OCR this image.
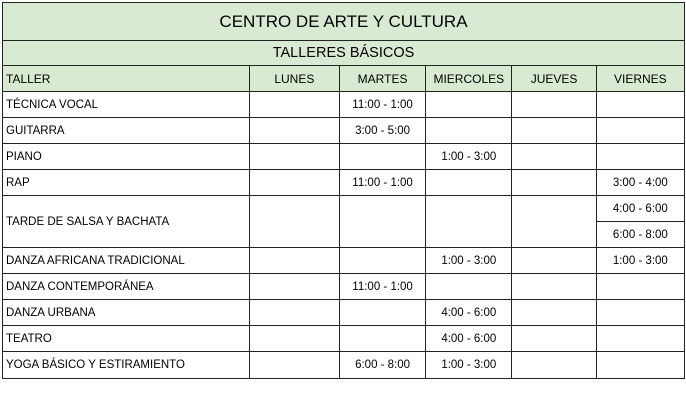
CENTRO DE ARTE Y CULTURA					
TALLERES BÁSICOS					
TALLER	LUNES	MARTES	MIERCOLES	JUEVES	VIERNES
TÉCNICA VOCAL		11:00 - 1:00			
GUITARRA		3:00 - 5:00			
PIANO			1:00 - 3:00		
RAP		11:00 - 1:00			3:00 - 4:00
TARDE DE SALSA Y BACHATA					4:00 - 6:00
					6:00 - 8:00
DANZA AFRICANA TRADICIONAL			1:00 - 3:00		1:00 - 3:00
DANZA CONTEMPORÁNEA		11:00 - 1:00			
DANZA URBANA			4:00 - 6:00		
TEATRO			4:00 - 6:00		
YOGA BÁSICO Y ESTIRAMIENTO		6:00 - 8:00	1:00 - 3:00		
